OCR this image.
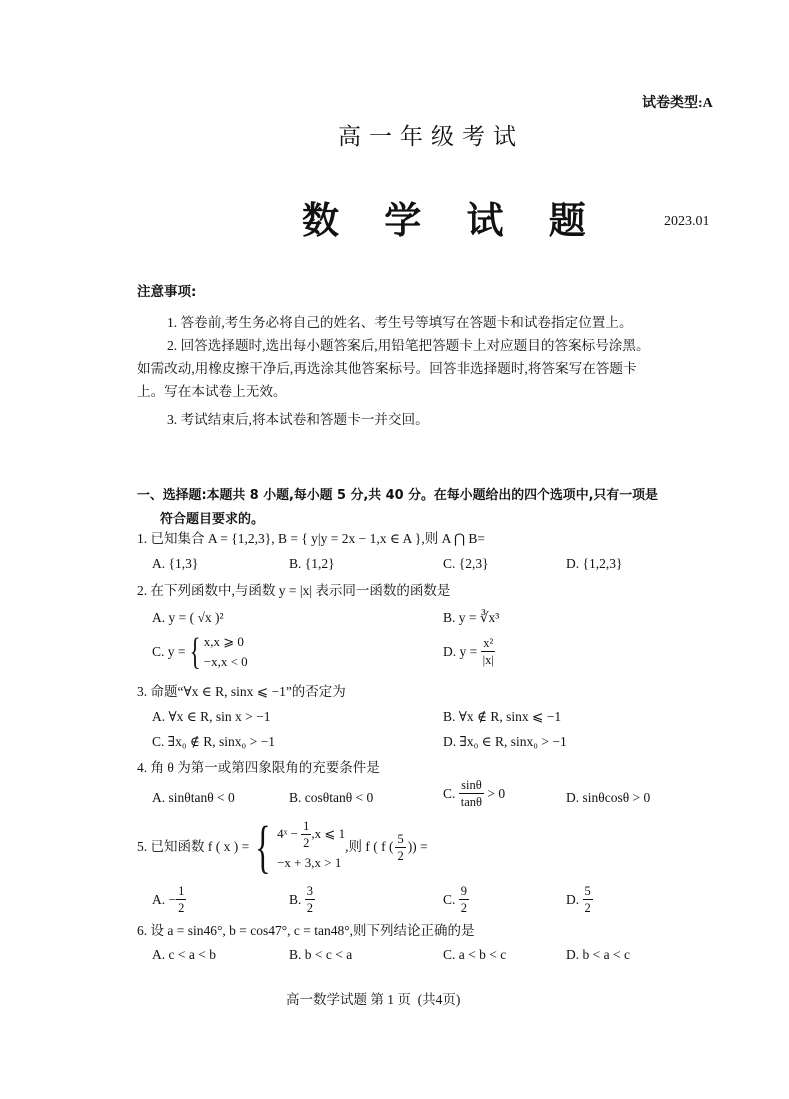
试卷类型:A
高一年级考试
数 学 试 题	2023.01
注意事项:
1. 答卷前,考生务必将自己的姓名、考生号等填写在答题卡和试卷指定位置上。
2. 回答选择题时,选出每小题答案后,用铅笔把答题卡上对应题目的答案标号涂黑。
如需改动,用橡皮擦干净后,再选涂其他答案标号。回答非选择题时,将答案写在答题卡
上。写在本试卷上无效。
3. 考试结束后,将本试卷和答题卡一并交回。
一、选择题:本题共 8 小题,每小题 5 分,共 40 分。在每小题给出的四个选项中,只有一项是
符合题目要求的。
1. 已知集合 A = {1,2,3}, B = { y|y = 2x − 1,x ∈ A },则 A ⋂ B=
A. {1,3}	B. {1,2}	C. {2,3}	D. {1,2,3}
2. 在下列函数中,与函数 y = |x| 表示同一函数的函数是
A. y = ( √x )²	B. y = ∛x³
C. y = { x,x ⩾ 0
−x,x < 0
D. y =
$\frac{\text{x²}}{|x|}$
3. 命题“∀x ∈ R, sinx ⩽ −1”的否定为
A. ∀x ∈ R, sin x > −1	B. ∀x ∉ R, sinx ⩽ −1
C. ∃x₀ ∉ R, sinx₀ > −1	D. ∃x₀ ∈ R, sinx₀ > −1
4. 角 θ 为第一或第四象限角的充要条件是
A. sinθtanθ < 0	B. cosθtanθ < 0	C.
$\frac{\sin\theta}{\tan\theta}$
> 0	D. sinθcosθ > 0
5. 已知函数 f ( x ) = { 4ˣ −
$\frac{1}{2} ,x$ ⩽ 1
−x + 3,x > 1
,则 f ( f ( $\frac{5}{2}$ )) =
A. − $\frac{1}{2}$	B.
$\frac{3}{2}$	C.
$\frac{9}{2}$	D.
$\frac{5}{2}$
6. 设 a = sin46°, b = cos47°, c = tan48°,则下列结论正确的是
A. c < a < b	B. b < c < a	C. a < b < c	D. b < a < c
高一数学试题 第 1 页  (共4页)
